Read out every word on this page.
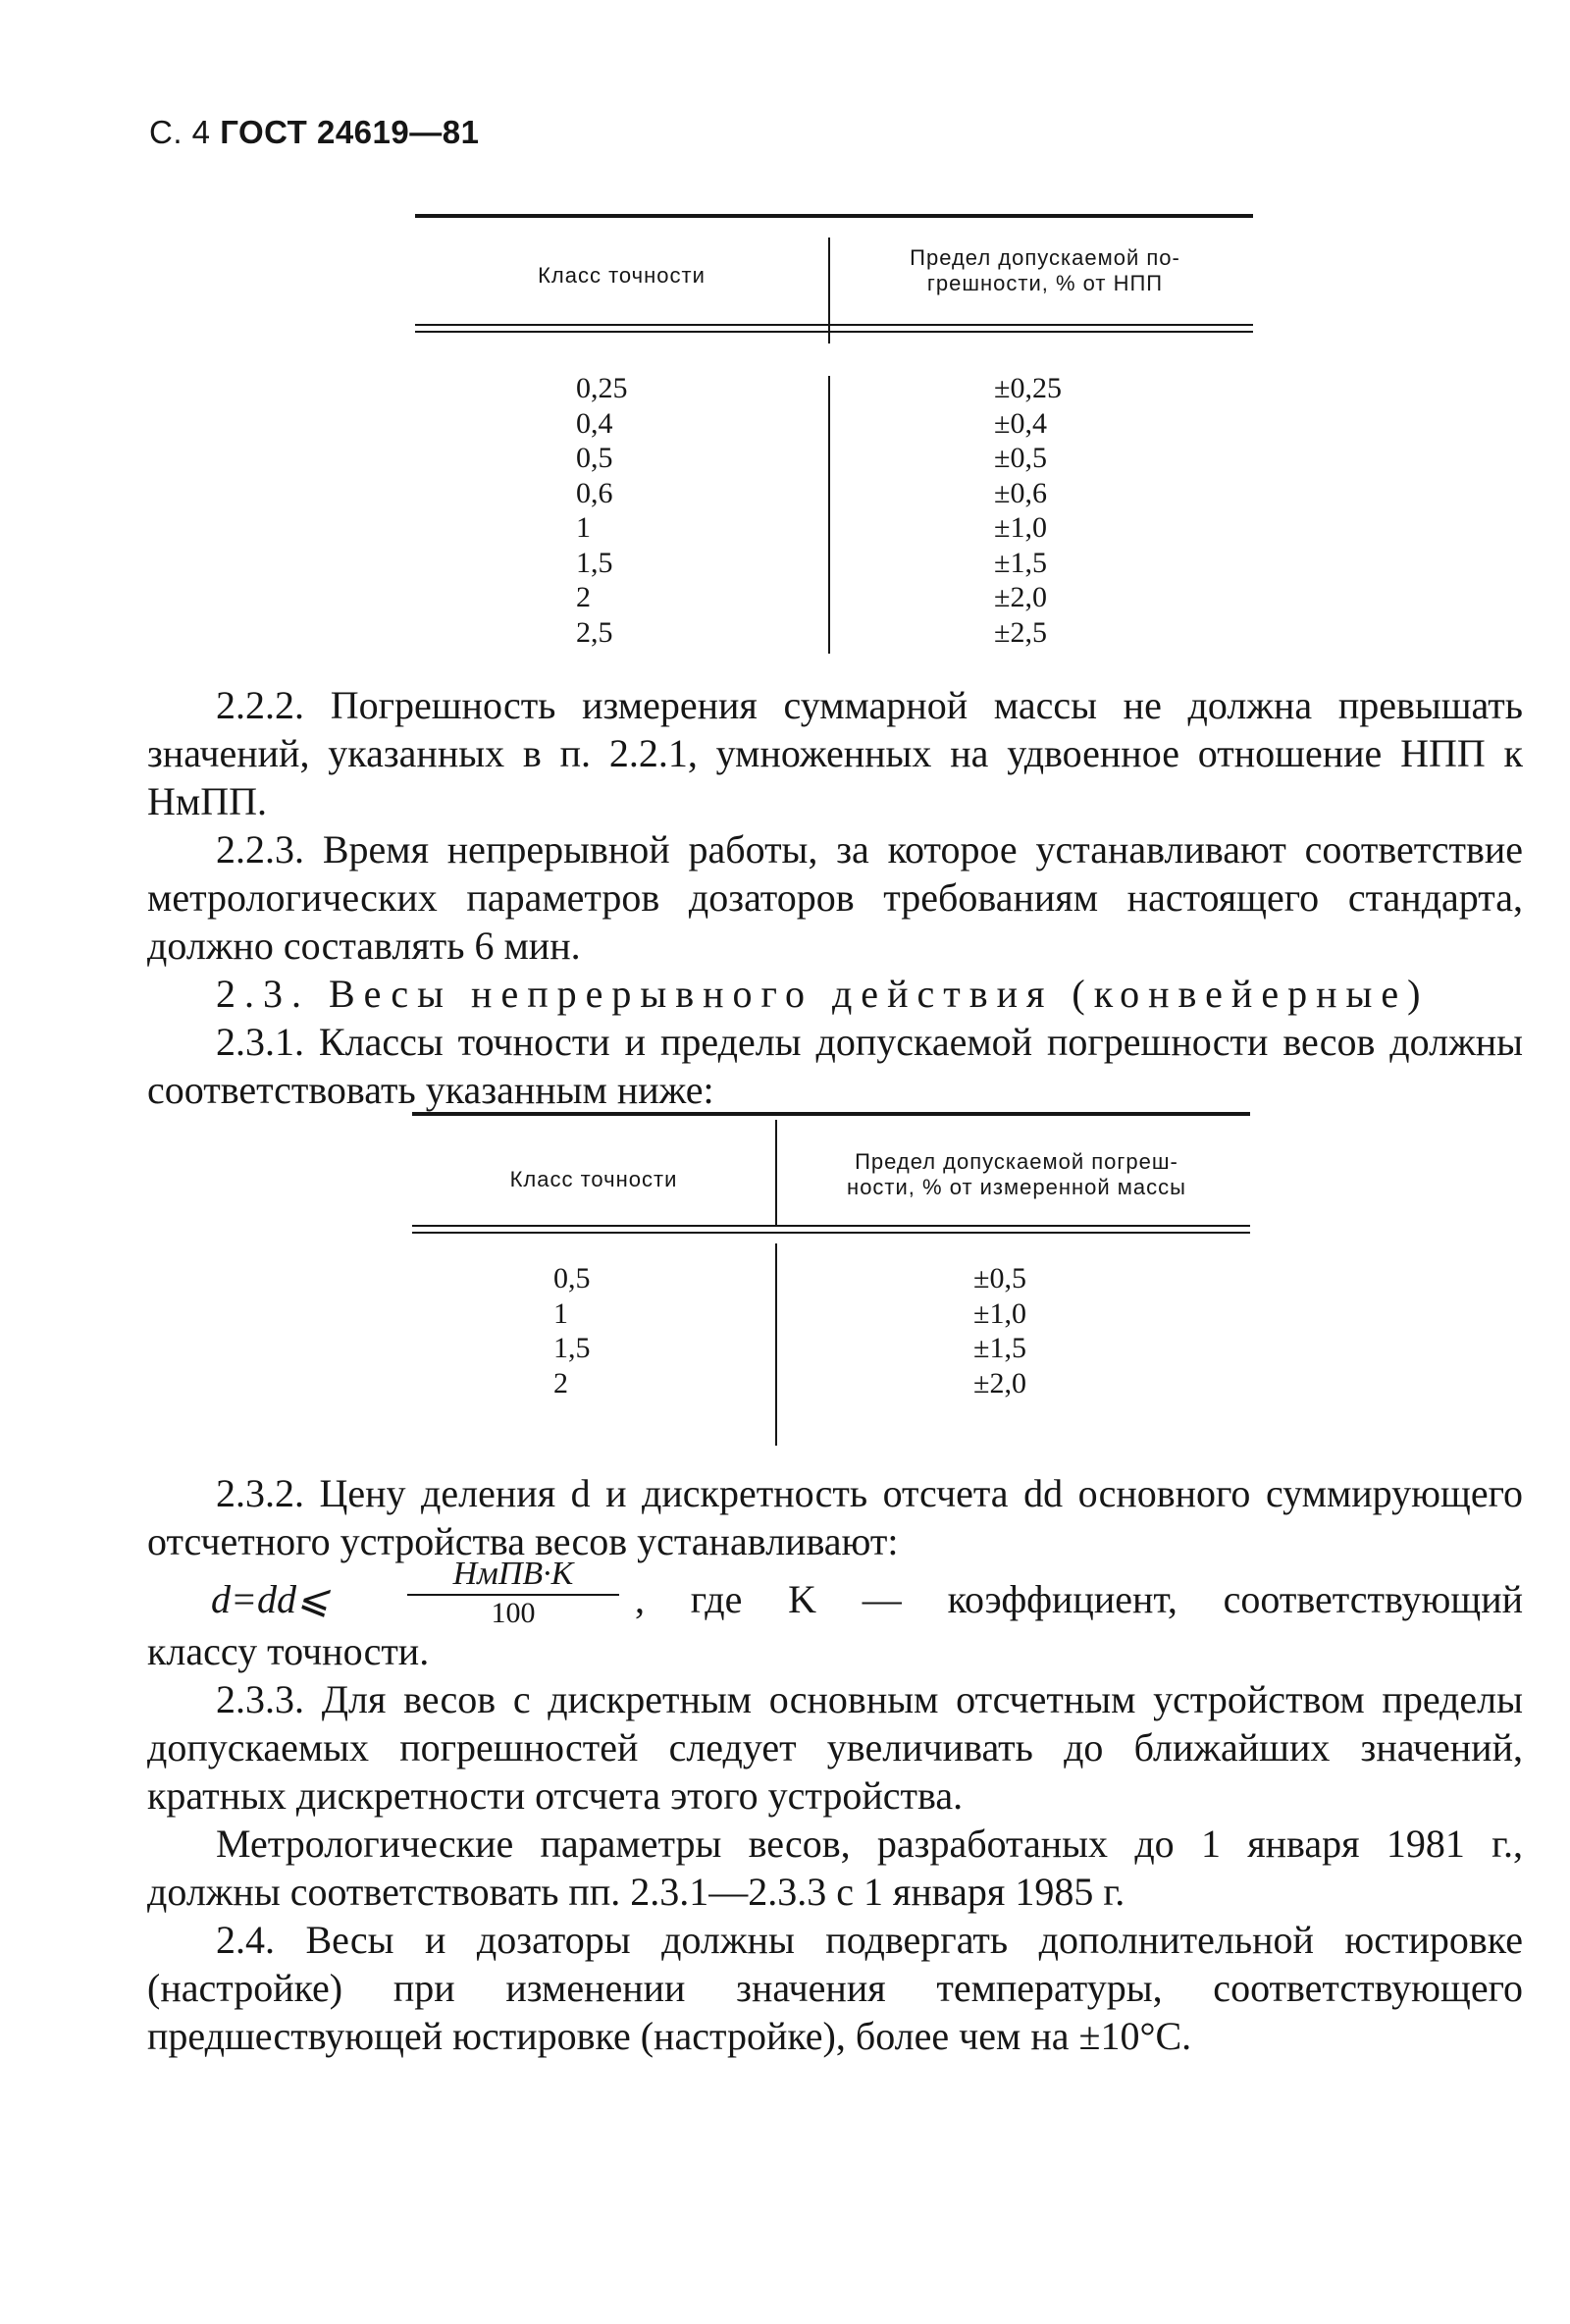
С. 4 ГОСТ 24619—81
Класс точности
Предел допускаемой по-
грешности, % от НПП
0,25
0,4
0,5
0,6
1
1,5
2
2,5
±0,25
±0,4
±0,5
±0,6
±1,0
±1,5
±2,0
±2,5

2.2.2. Погрешность измерения суммарной массы не должна превышать значений, указанных в п. 2.2.1, умноженных на удвоенное отношение НПП к НмПП.

2.2.3. Время непрерывной работы, за которое устанавливают соответствие метрологических параметров дозаторов требованиям настоящего стандарта, должно составлять 6 мин.

2.3. Весы непрерывного действия (конвейерные)

2.3.1. Классы точности и пределы допускаемой погрешности весов должны соответствовать указанным ниже:

Класс точности
Предел допускаемой погреш-
ности, % от измеренной массы
0,5
1
1,5
2
±0,5
±1,0
±1,5
±2,0

2.3.2. Цену деления d и дискретность отсчета dd основного суммирующего отсчетного устройства весов устанавливают:

d=dd⩽
НмПВ·K
100	, где K — коэффициент, соответствующий

классу точности.

2.3.3. Для весов с дискретным основным отсчетным устройством пределы допускаемых погрешностей следует увеличивать до ближайших значений, кратных дискретности отсчета этого устройства.

Метрологические параметры весов, разработаных до 1 января 1981 г., должны соответствовать пп. 2.3.1—2.3.3 с 1 января 1985 г.

2.4. Весы и дозаторы должны подвергать дополнительной юстировке (настройке) при изменении значения температуры, соответствующего предшествующей юстировке (настройке), более чем на ±10°С.
